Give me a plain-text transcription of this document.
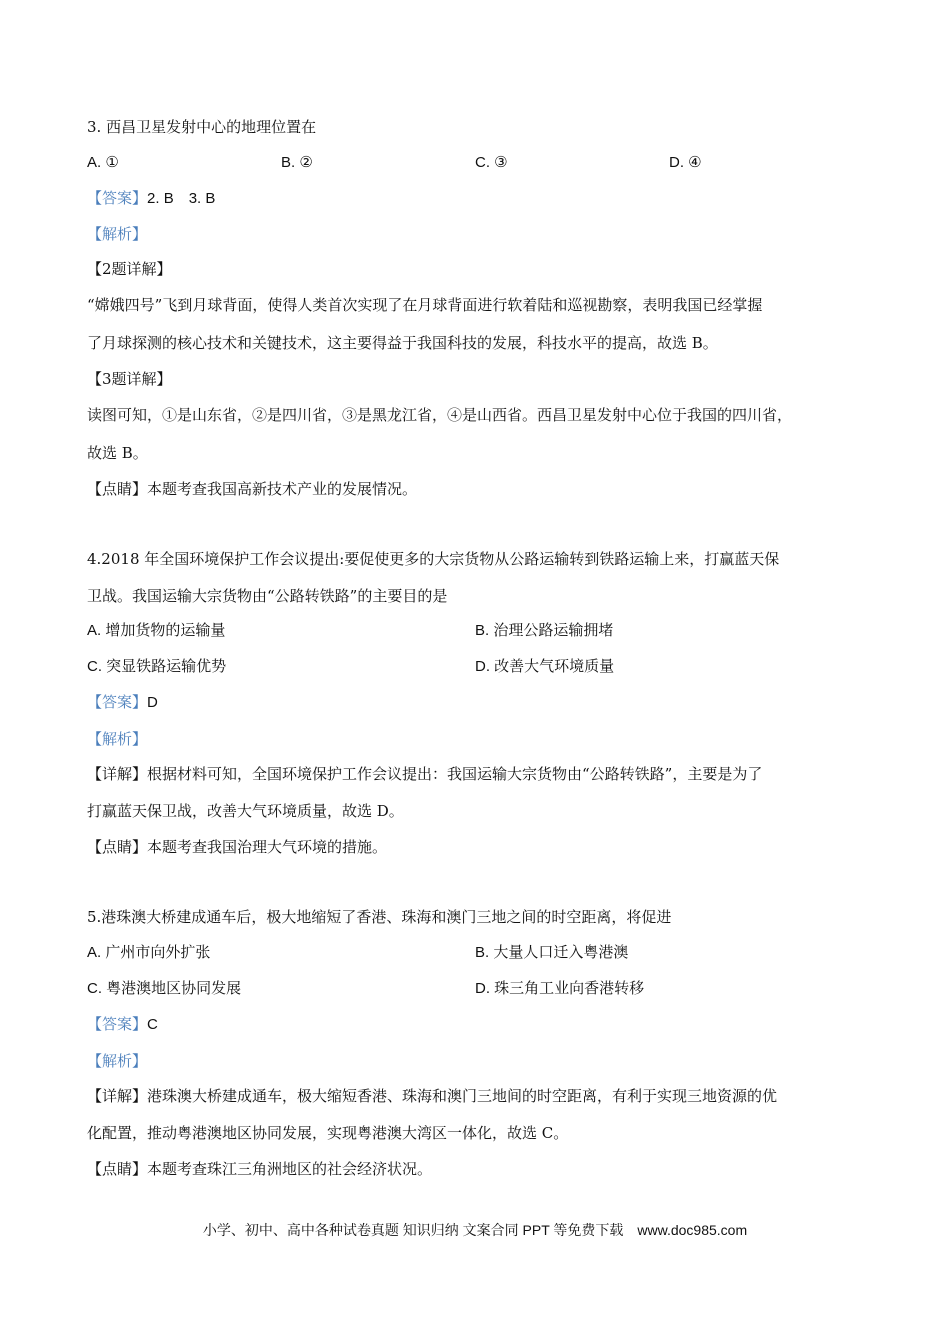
3. 西昌卫星发射中心的地理位置在
A. ①	B. ②	C. ③	D. ④
【答案】2. B　3. B
【解析】
【2题详解】
“嫦娥四号”飞到月球背面，使得人类首次实现了在月球背面进行软着陆和巡视勘察，表明我国已经掌握
了月球探测的核心技术和关键技术，这主要得益于我国科技的发展，科技水平的提高，故选 B。
【3题详解】
读图可知，①是山东省，②是四川省，③是黑龙江省，④是山西省。西昌卫星发射中心位于我国的四川省，
故选 B。
【点睛】本题考查我国高新技术产业的发展情况。
4.2018 年全国环境保护工作会议提出:要促使更多的大宗货物从公路运输转到铁路运输上来，打赢蓝天保
卫战。我国运输大宗货物由“公路转铁路”的主要目的是
A. 增加货物的运输量	B. 治理公路运输拥堵
C. 突显铁路运输优势	D. 改善大气环境质量
【答案】D
【解析】
【详解】根据材料可知，全国环境保护工作会议提出：我国运输大宗货物由“公路转铁路”，主要是为了
打赢蓝天保卫战，改善大气环境质量，故选 D。
【点睛】本题考查我国治理大气环境的措施。
5.港珠澳大桥建成通车后，极大地缩短了香港、珠海和澳门三地之间的时空距离，将促进
A. 广州市向外扩张	B. 大量人口迁入粤港澳
C. 粤港澳地区协同发展	D. 珠三角工业向香港转移
【答案】C
【解析】
【详解】港珠澳大桥建成通车，极大缩短香港、珠海和澳门三地间的时空距离，有利于实现三地资源的优
化配置，推动粤港澳地区协同发展，实现粤港澳大湾区一体化，故选 C。
【点睛】本题考查珠江三角洲地区的社会经济状况。
小学、初中、高中各种试卷真题 知识归纳 文案合同 PPT 等免费下载　www.doc985.com
